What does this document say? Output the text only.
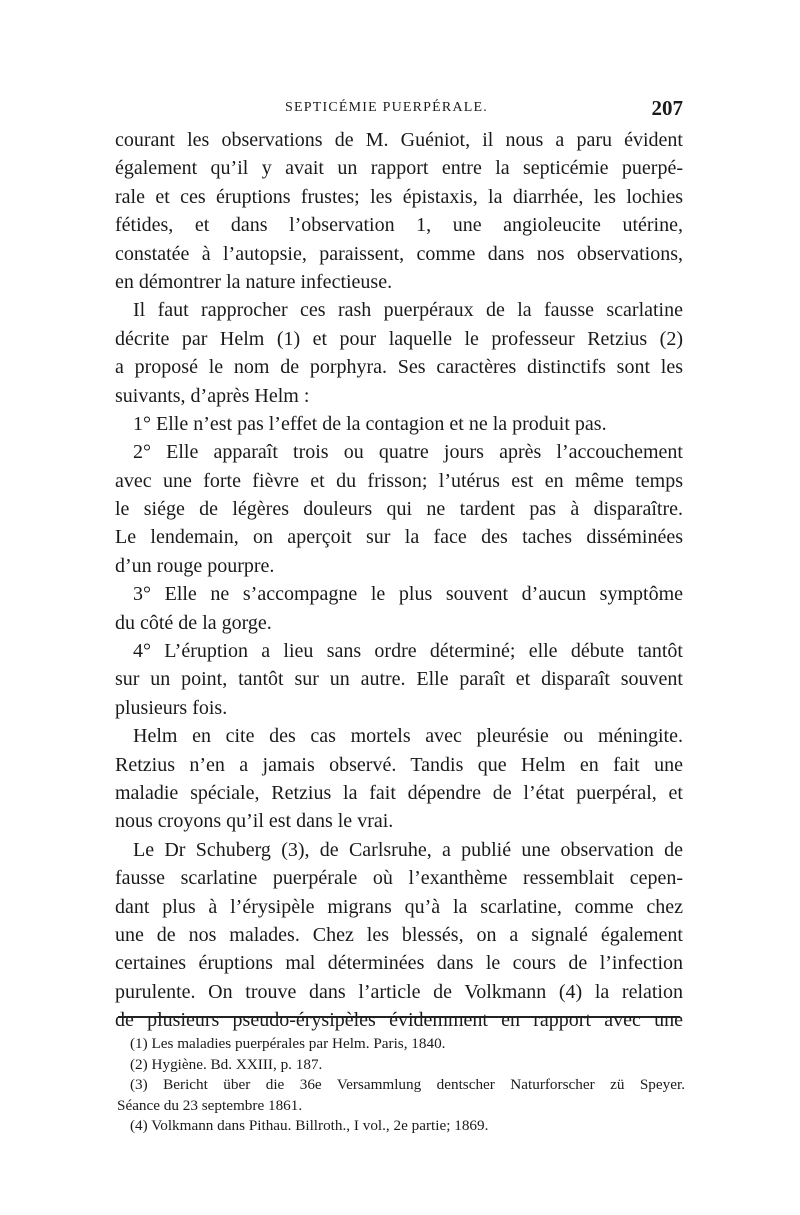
SEPTICÉMIE PUERPÉRALE.	207
courant les observations de M. Guéniot, il nous a paru évident
également qu’il y avait un rapport entre la septicémie puerpé-
rale et ces éruptions frustes; les épistaxis, la diarrhée, les lochies
fétides, et dans l’observation 1, une angioleucite utérine,
constatée à l’autopsie, paraissent, comme dans nos observations,
en démontrer la nature infectieuse.
Il faut rapprocher ces rash puerpéraux de la fausse scarlatine
décrite par Helm (1) et pour laquelle le professeur Retzius (2)
a proposé le nom de porphyra. Ses caractères distinctifs sont les
suivants, d’après Helm :
1° Elle n’est pas l’effet de la contagion et ne la produit pas.
2° Elle apparaît trois ou quatre jours après l’accouchement
avec une forte fièvre et du frisson; l’utérus est en même temps
le siége de légères douleurs qui ne tardent pas à disparaître.
Le lendemain, on aperçoit sur la face des taches disséminées
d’un rouge pourpre.
3° Elle ne s’accompagne le plus souvent d’aucun symptôme
du côté de la gorge.
4° L’éruption a lieu sans ordre déterminé; elle débute tantôt
sur un point, tantôt sur un autre. Elle paraît et disparaît souvent
plusieurs fois.
Helm en cite des cas mortels avec pleurésie ou méningite.
Retzius n’en a jamais observé. Tandis que Helm en fait une
maladie spéciale, Retzius la fait dépendre de l’état puerpéral, et
nous croyons qu’il est dans le vrai.
Le Dr Schuberg (3), de Carlsruhe, a publié une observation de
fausse scarlatine puerpérale où l’exanthème ressemblait cepen-
dant plus à l’érysipèle migrans qu’à la scarlatine, comme chez
une de nos malades. Chez les blessés, on a signalé également
certaines éruptions mal déterminées dans le cours de l’infection
purulente. On trouve dans l’article de Volkmann (4) la relation
de plusieurs pseudo-érysipèles évidemment en rapport avec une
(1) Les maladies puerpérales par Helm. Paris, 1840.
(2) Hygiène. Bd. XXIII, p. 187.
(3) Bericht über die 36e Versammlung dentscher Naturforscher zü Speyer.
Séance du 23 septembre 1861.
(4) Volkmann dans Pithau. Billroth., I vol., 2e partie; 1869.
